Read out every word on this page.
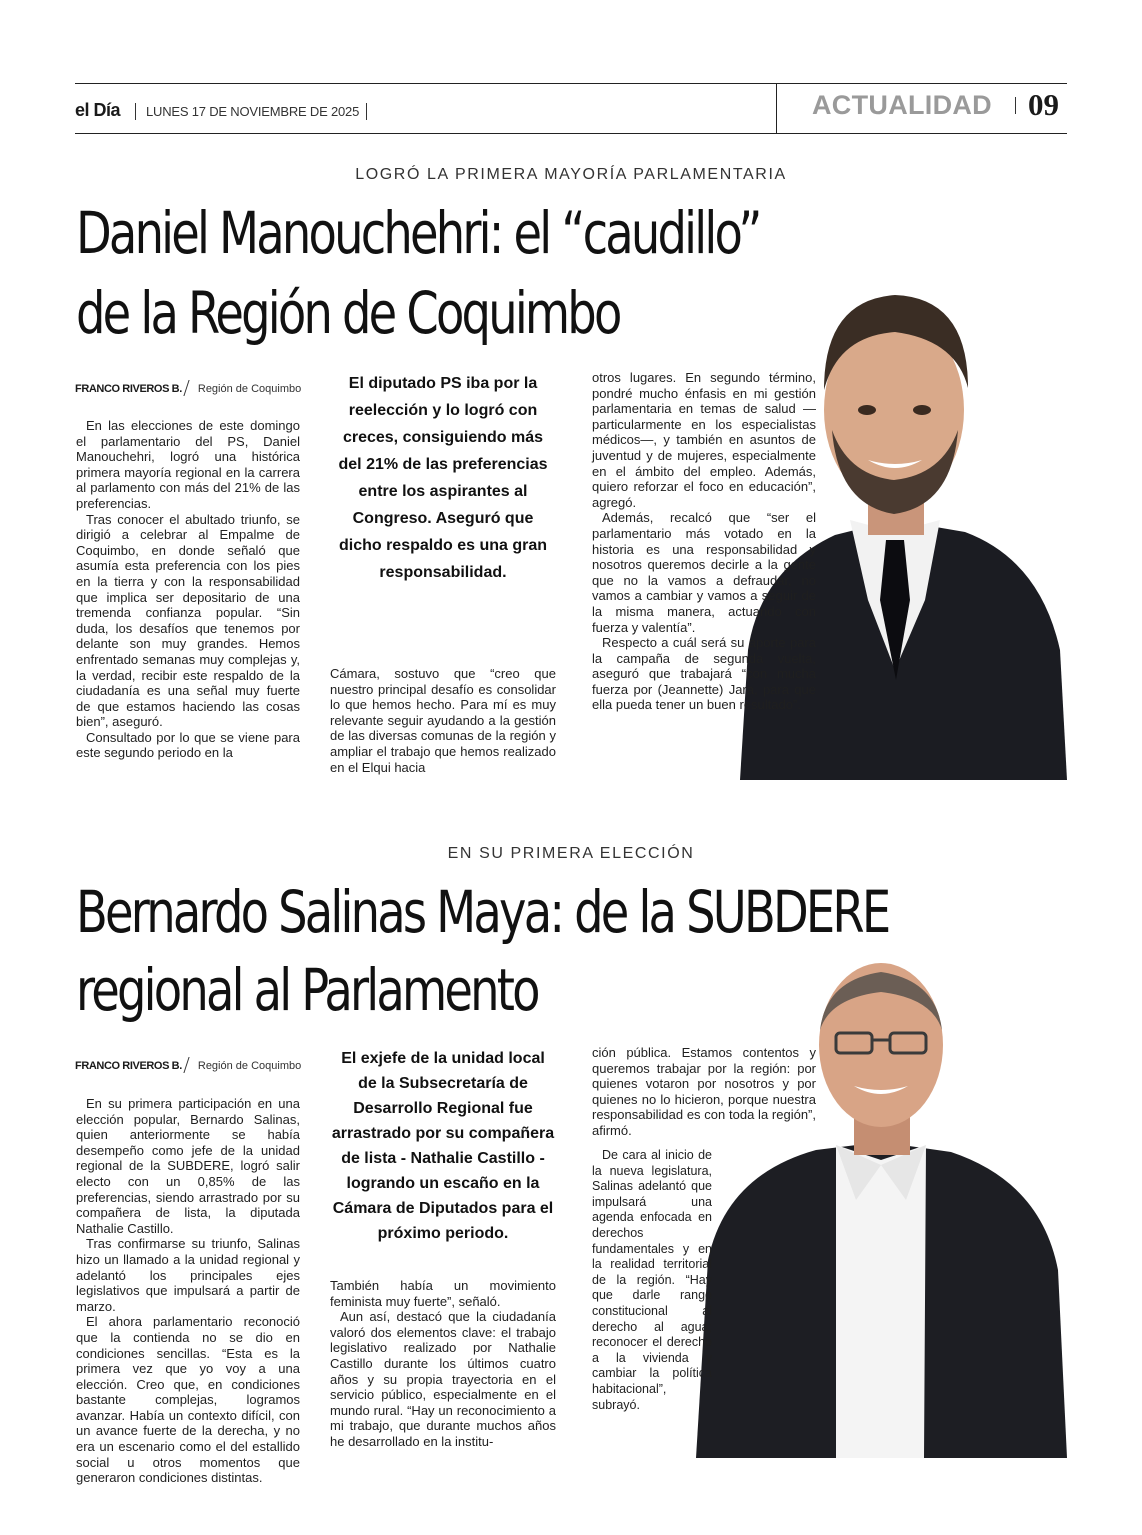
el Día LUNES 17 DE NOVIEMBRE DE 2025	ACTUALIDAD 09
LOGRÓ LA PRIMERA MAYORÍA PARLAMENTARIA
Daniel Manouchehri: el “caudillo”
de la Región de Coquimbo
FRANCO RIVEROS B. Región de Coquimbo

En las elecciones de este domingo el parlamentario del PS, Daniel Manouchehri, logró una histórica primera mayoría regional en la carrera al parlamento con más del 21% de las preferencias.

Tras conocer el abultado triunfo, se dirigió a celebrar al Empalme de Coquimbo, en donde señaló que asumía esta preferencia con los pies en la tierra y con la responsabilidad que implica ser depositario de una tremenda confianza popular. “Sin duda, los desafíos que tenemos por delante son muy grandes. Hemos enfrentado semanas muy complejas y, la verdad, recibir este respaldo de la ciudadanía es una señal muy fuerte de que estamos haciendo las cosas bien”, aseguró.

Consultado por lo que se viene para este segundo periodo en la

El diputado PS iba por la reelección y lo logró con creces, consiguiendo más del 21% de las preferencias entre los aspirantes al Congreso. Aseguró que dicho respaldo es una gran responsabilidad.

Cámara, sostuvo que “creo que nuestro principal desafío es consolidar lo que hemos hecho. Para mí es muy relevante seguir ayudando a la gestión de las diversas comunas de la región y ampliar el trabajo que hemos realizado en el Elqui hacia

otros lugares. En segundo término, pondré mucho énfasis en mi gestión parlamentaria en temas de salud —particularmente en los especialistas médicos—, y también en asuntos de juventud y de mujeres, especialmente en el ámbito del empleo. Además, quiero reforzar el foco en educación”, agregó.

Además, recalcó que “ser el parlamentario más votado en la historia es una responsabilidad y nosotros queremos decirle a la gente que no la vamos a defraudar, no vamos a cambiar y vamos a seguir de la misma manera, actuando con fuerza y valentía”.

Respecto a cuál será su aporte para la campaña de segunda vuelta, aseguró que trabajará “con mucha fuerza por (Jeannette) Jara, para que ella pueda tener un buen resultado”.

EN SU PRIMERA ELECCIÓN
Bernardo Salinas Maya: de la SUBDERE
regional al Parlamento
FRANCO RIVEROS B. Región de Coquimbo

En su primera participación en una elección popular, Bernardo Salinas, quien anteriormente se había desempeño como jefe de la unidad regional de la SUBDERE, logró salir electo con un 0,85% de las preferencias, siendo arrastrado por su compañera de lista, la diputada Nathalie Castillo.

Tras confirmarse su triunfo, Salinas hizo un llamado a la unidad regional y adelantó los principales ejes legislativos que impulsará a partir de marzo.

El ahora parlamentario reconoció que la contienda no se dio en condiciones sencillas. “Esta es la primera vez que yo voy a una elección. Creo que, en condiciones bastante complejas, logramos avanzar. Había un contexto difícil, con un avance fuerte de la derecha, y no era un escenario como el del estallido social u otros momentos que generaron condiciones distintas.

El exjefe de la unidad local de la Subsecretaría de Desarrollo Regional fue arrastrado por su compañera de lista - Nathalie Castillo - logrando un escaño en la Cámara de Diputados para el próximo periodo.

También había un movimiento feminista muy fuerte”, señaló.

Aun así, destacó que la ciudadanía valoró dos elementos clave: el trabajo legislativo realizado por Nathalie Castillo durante los últimos cuatro años y su propia trayectoria en el servicio público, especialmente en el mundo rural. “Hay un reconocimiento a mi trabajo, que durante muchos años he desarrollado en la institu-

ción pública. Estamos contentos y queremos trabajar por la región: por quienes votaron por nosotros y por quienes no lo hicieron, porque nuestra responsabilidad es con toda la región”, afirmó.

De cara al inicio de la nueva legislatura, Salinas adelantó que impulsará una agenda enfocada en derechos fundamentales y en la realidad territorial de la región. “Hay que darle rango constitucional al derecho al agua; reconocer el derecho a la vivienda y cambiar la política habitacional”, subrayó.
